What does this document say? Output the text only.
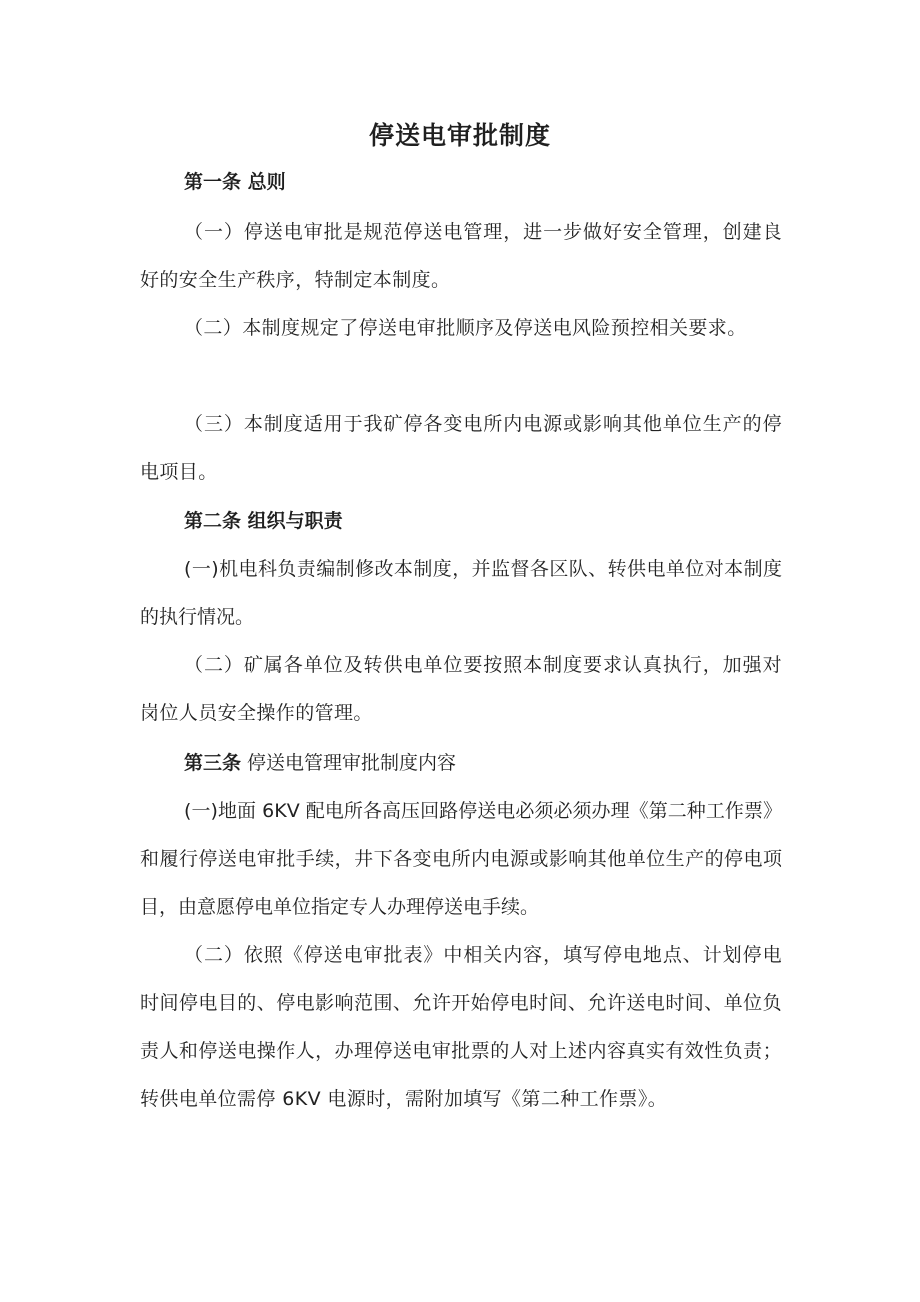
停送电审批制度

第一条 总则

（一）停送电审批是规范停送电管理，进一步做好安全管理，创建良好的安全生产秩序，特制定本制度。

（二）本制度规定了停送电审批顺序及停送电风险预控相关要求。

（三）本制度适用于我矿停各变电所内电源或影响其他单位生产的停电项目。

第二条 组织与职责

(一)机电科负责编制修改本制度，并监督各区队、转供电单位对本制度的执行情况。

（二）矿属各单位及转供电单位要按照本制度要求认真执行，加强对岗位人员安全操作的管理。

第三条 停送电管理审批制度内容

(一)地面 6KV 配电所各高压回路停送电必须必须办理《第二种工作票》和履行停送电审批手续，井下各变电所内电源或影响其他单位生产的停电项目，由意愿停电单位指定专人办理停送电手续。

（二）依照《停送电审批表》中相关内容，填写停电地点、计划停电时间停电目的、停电影响范围、允许开始停电时间、允许送电时间、单位负责人和停送电操作人，办理停送电审批票的人对上述内容真实有效性负责；转供电单位需停 6KV 电源时，需附加填写《第二种工作票》。
